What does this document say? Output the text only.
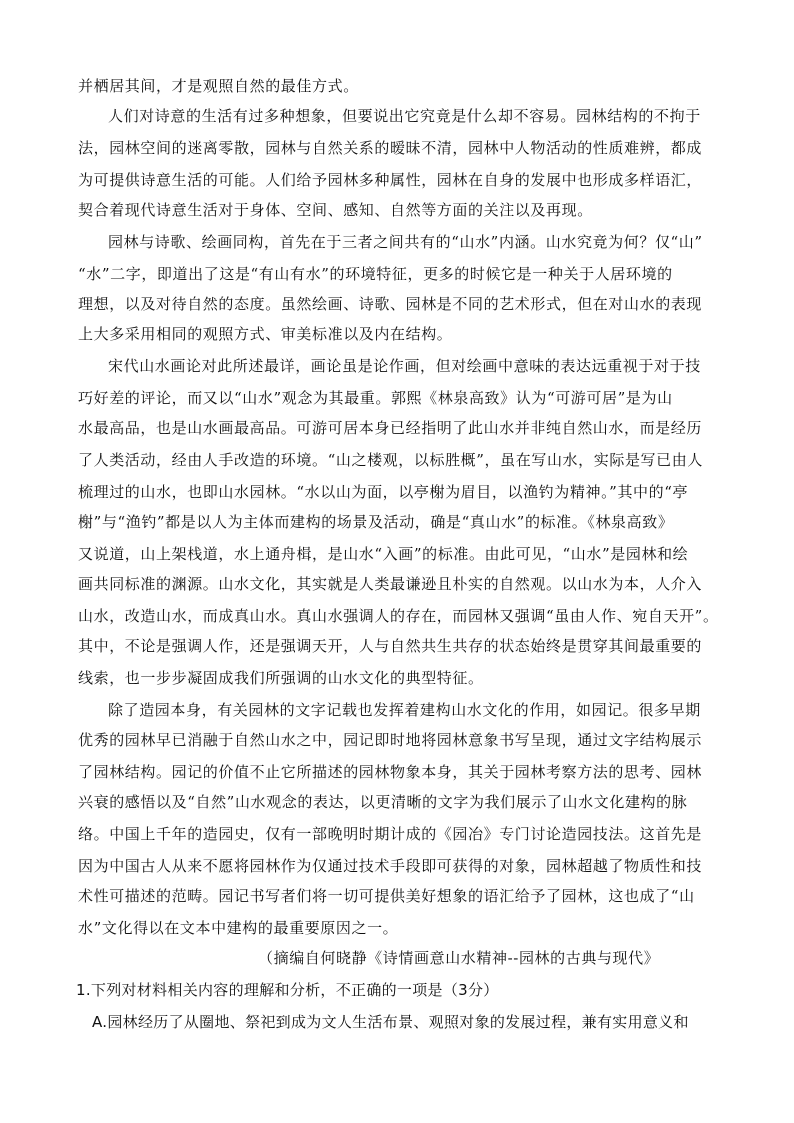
并栖居其间，才是观照自然的最佳方式。
人们对诗意的生活有过多种想象，但要说出它究竟是什么却不容易。园林结构的不拘于
法，园林空间的迷离零散，园林与自然关系的暧昧不清，园林中人物活动的性质难辨，都成
为可提供诗意生活的可能。人们给予园林多种属性，园林在自身的发展中也形成多样语汇，
契合着现代诗意生活对于身体、空间、感知、自然等方面的关注以及再现。
园林与诗歌、绘画同构，首先在于三者之间共有的“山水”内涵。山水究竟为何？仅“山”
“水”二字，即道出了这是“有山有水”的环境特征，更多的时候它是一种关于人居环境的
理想，以及对待自然的态度。虽然绘画、诗歌、园林是不同的艺术形式，但在对山水的表现
上大多采用相同的观照方式、审美标准以及内在结构。
宋代山水画论对此所述最详，画论虽是论作画，但对绘画中意味的表达远重视于对于技
巧好差的评论，而又以“山水”观念为其最重。郭熙《林泉高致》认为“可游可居”是为山
水最高品，也是山水画最高品。可游可居本身已经指明了此山水并非纯自然山水，而是经历
了人类活动，经由人手改造的环境。“山之楼观，以标胜概”，虽在写山水，实际是写已由人
梳理过的山水，也即山水园林。“水以山为面，以亭榭为眉目，以渔钓为精神。”其中的“亭
榭”与“渔钓”都是以人为主体而建构的场景及活动，确是“真山水”的标准。《林泉高致》
又说道，山上架栈道，水上通舟楫，是山水“入画”的标准。由此可见，“山水”是园林和绘
画共同标准的渊源。山水文化，其实就是人类最谦逊且朴实的自然观。以山水为本，人介入
山水，改造山水，而成真山水。真山水强调人的存在，而园林又强调“虽由人作、宛自天开”。
其中，不论是强调人作，还是强调天开，人与自然共生共存的状态始终是贯穿其间最重要的
线索，也一步步凝固成我们所强调的山水文化的典型特征。
除了造园本身，有关园林的文字记载也发挥着建构山水文化的作用，如园记。很多早期
优秀的园林早已消融于自然山水之中，园记即时地将园林意象书写呈现，通过文字结构展示
了园林结构。园记的价值不止它所描述的园林物象本身，其关于园林考察方法的思考、园林
兴衰的感悟以及“自然”山水观念的表达，以更清晰的文字为我们展示了山水文化建构的脉
络。中国上千年的造园史，仅有一部晚明时期计成的《园冶》专门讨论造园技法。这首先是
因为中国古人从来不愿将园林作为仅通过技术手段即可获得的对象，园林超越了物质性和技
术性可描述的范畴。园记书写者们将一切可提供美好想象的语汇给予了园林，这也成了“山
水”文化得以在文本中建构的最重要原因之一。
（摘编自何晓静《诗情画意山水精神--园林的古典与现代》
1.下列对材料相关内容的理解和分析，不正确的一项是（3分）
A.园林经历了从圈地、祭祀到成为文人生活布景、观照对象的发展过程，兼有实用意义和
